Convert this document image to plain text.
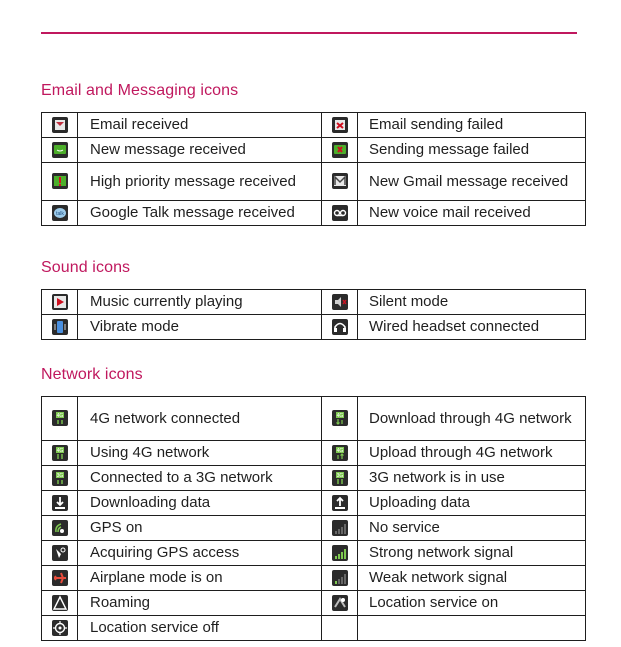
Email and Messaging icons
	Email received		Email sending failed

	New message received		Sending message failed

	High priority message received		New Gmail message received

talk	Google Talk message received		New voice mail received
Sound icons
	Music currently playing		Silent mode

	Vibrate mode		Wired headset connected
Network icons
4G	4G network connected	4G	Download through 4G network

4G	Using 4G network	4G	Upload through 4G network

3G	Connected to a 3G network	3G	3G network is in use

	Downloading data		Uploading data

	GPS on		No service

	Acquiring GPS access		Strong network signal

	Airplane mode is on		Weak network signal

	Roaming		Location service on

	Location service off		
